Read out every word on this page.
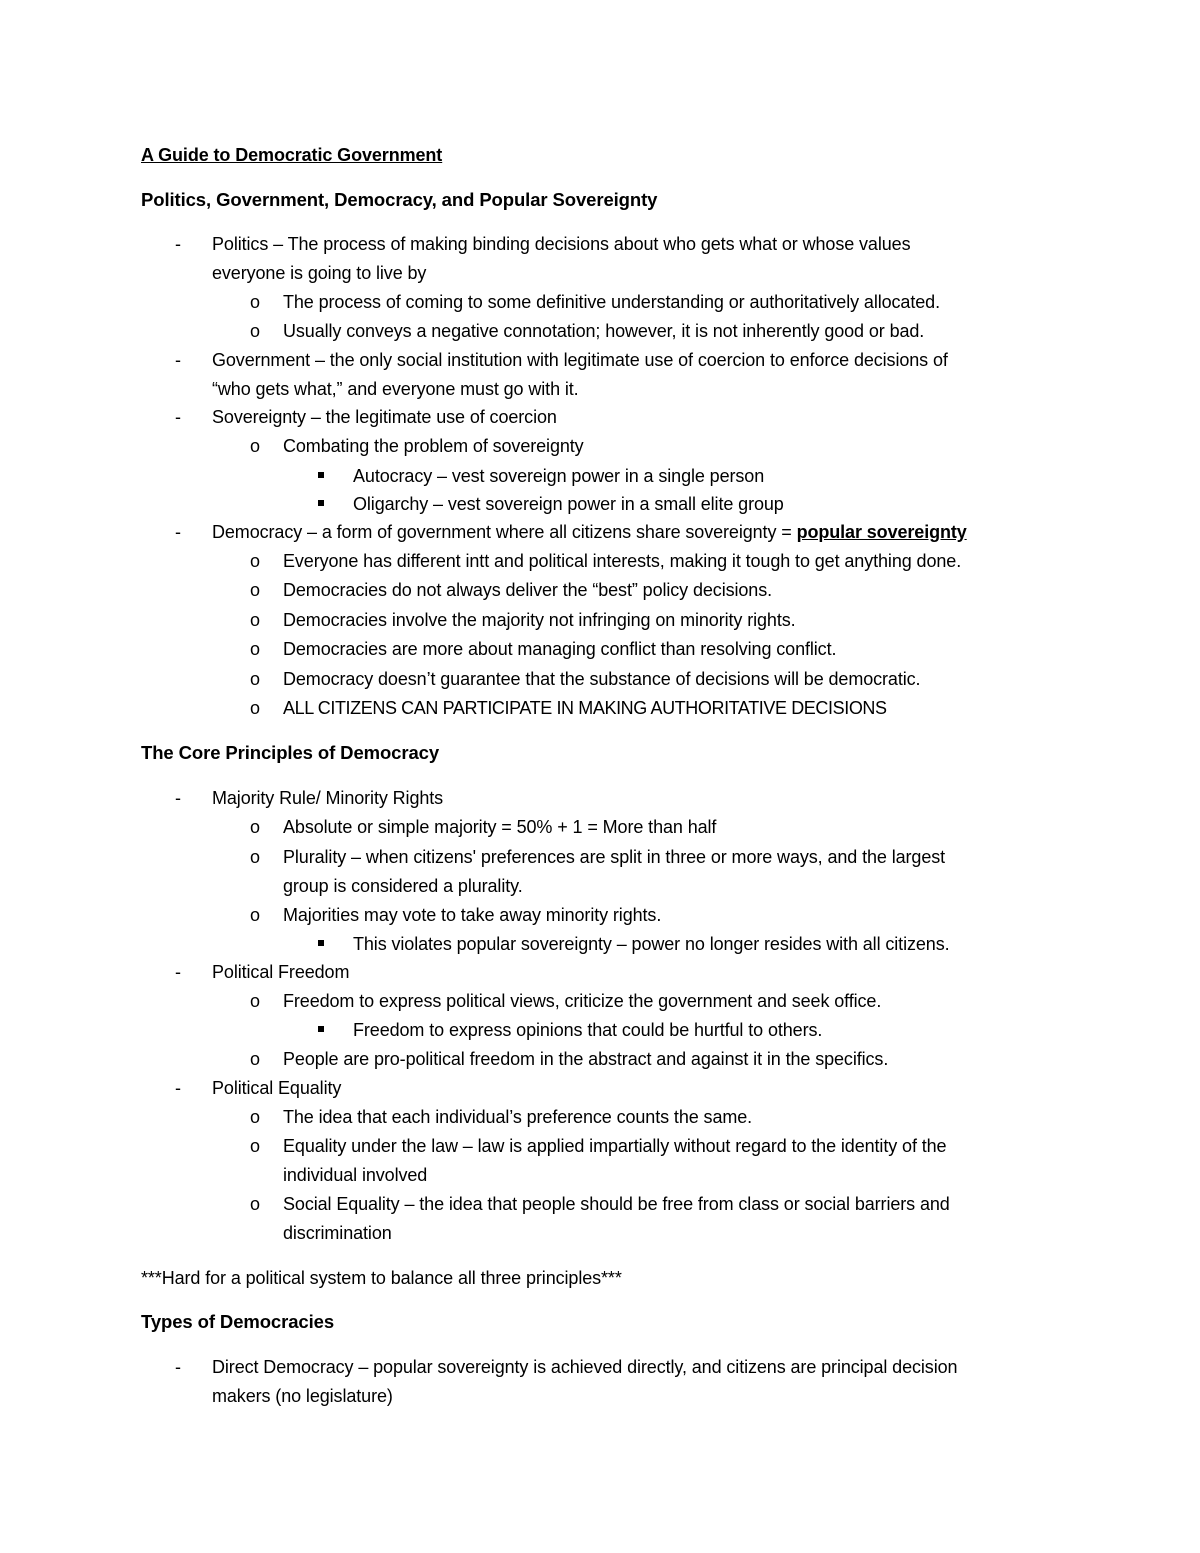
A Guide to Democratic Government
Politics, Government, Democracy, and Popular Sovereignty
- Politics – The process of making binding decisions about who gets what or whose values
everyone is going to live by
o The process of coming to some definitive understanding or authoritatively allocated.
o Usually conveys a negative connotation; however, it is not inherently good or bad.
- Government – the only social institution with legitimate use of coercion to enforce decisions of
“who gets what,” and everyone must go with it.
- Sovereignty – the legitimate use of coercion
o Combating the problem of sovereignty
Autocracy – vest sovereign power in a single person
Oligarchy – vest sovereign power in a small elite group
- Democracy – a form of government where all citizens share sovereignty = popular sovereignty
o Everyone has different intt and political interests, making it tough to get anything done.
o Democracies do not always deliver the “best” policy decisions.
o Democracies involve the majority not infringing on minority rights.
o Democracies are more about managing conflict than resolving conflict.
o Democracy doesn’t guarantee that the substance of decisions will be democratic.
o ALL CITIZENS CAN PARTICIPATE IN MAKING AUTHORITATIVE DECISIONS
The Core Principles of Democracy
- Majority Rule/ Minority Rights
o Absolute or simple majority = 50% + 1 = More than half
o Plurality – when citizens' preferences are split in three or more ways, and the largest
group is considered a plurality.
o Majorities may vote to take away minority rights.
This violates popular sovereignty – power no longer resides with all citizens.
- Political Freedom
o Freedom to express political views, criticize the government and seek office.
Freedom to express opinions that could be hurtful to others.
o People are pro-political freedom in the abstract and against it in the specifics.
- Political Equality
o The idea that each individual’s preference counts the same.
o Equality under the law – law is applied impartially without regard to the identity of the
individual involved
o Social Equality – the idea that people should be free from class or social barriers and
discrimination
***Hard for a political system to balance all three principles***
Types of Democracies
- Direct Democracy – popular sovereignty is achieved directly, and citizens are principal decision
makers (no legislature)
